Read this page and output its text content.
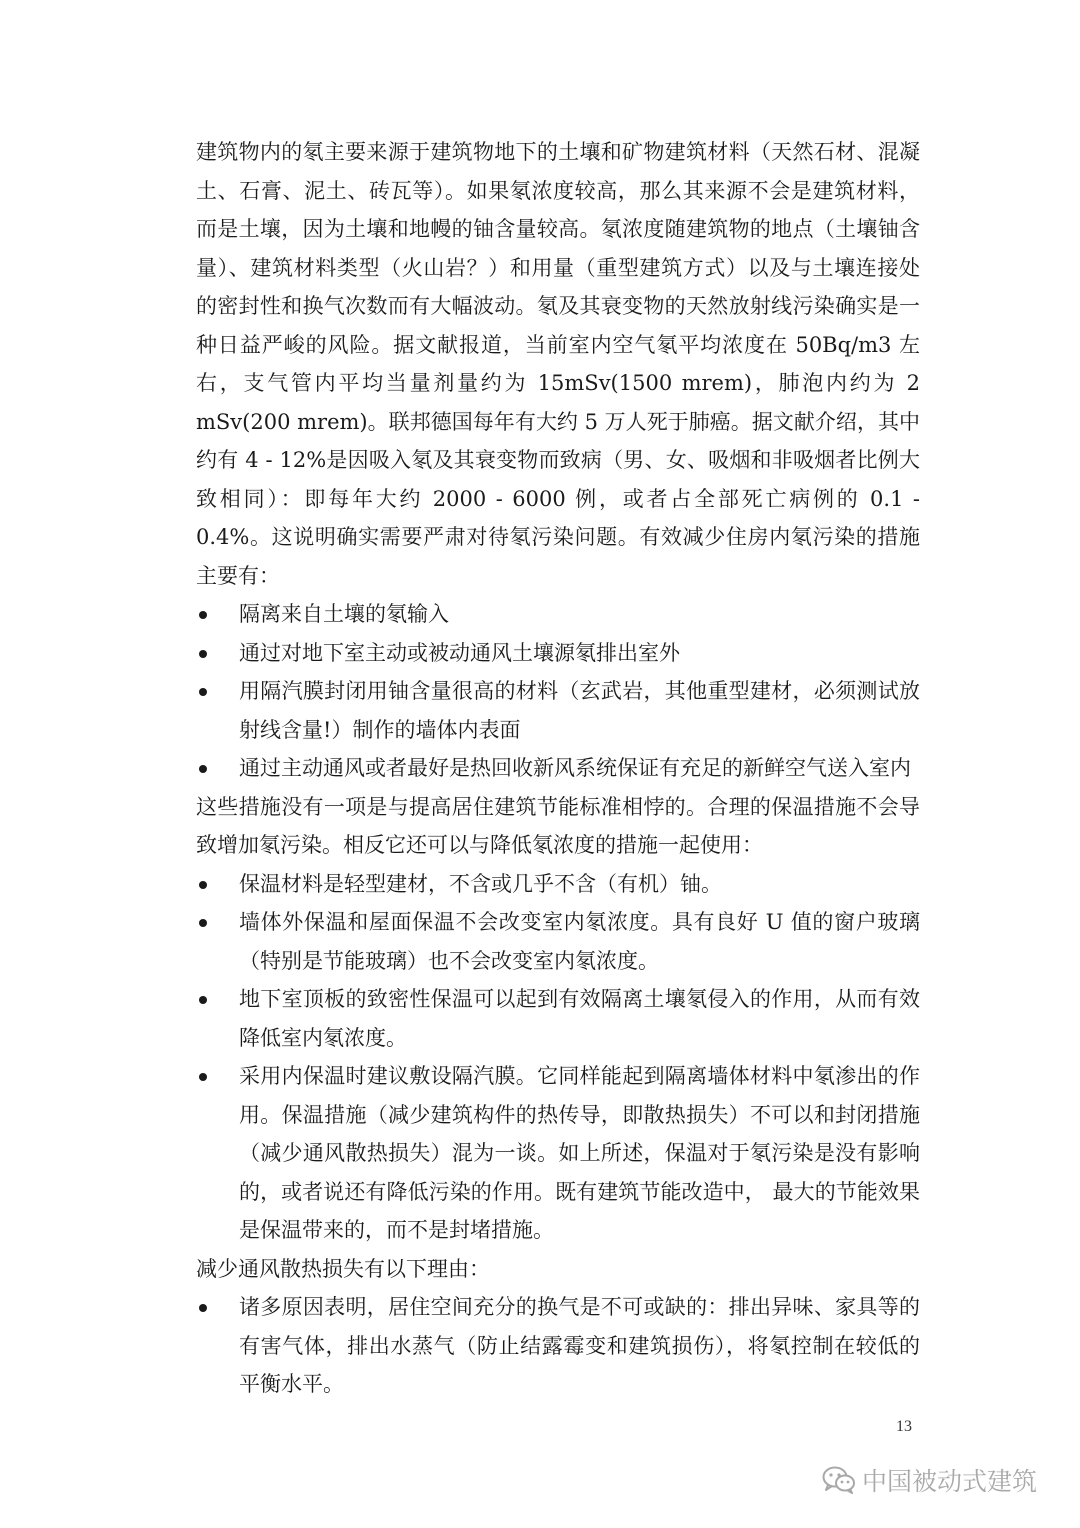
建筑物内的氡主要来源于建筑物地下的土壤和矿物建筑材料（天然石材、混凝土、石膏、泥土、砖瓦等）。如果氡浓度较高，那么其来源不会是建筑材料，而是土壤，因为土壤和地幔的铀含量较高。氡浓度随建筑物的地点（土壤铀含量）、建筑材料类型（火山岩？）和用量（重型建筑方式）以及与土壤连接处的密封性和换气次数而有大幅波动。氡及其衰变物的天然放射线污染确实是一种日益严峻的风险。据文献报道，当前室内空气氡平均浓度在 50Bq/m3 左右，支气管内平均当量剂量约为 15mSv(1500 mrem)，肺泡内约为 2 mSv(200 mrem)。联邦德国每年有大约 5 万人死于肺癌。据文献介绍，其中约有 4 - 12%是因吸入氡及其衰变物而致病（男、女、吸烟和非吸烟者比例大致相同）：即每年大约 2000 - 6000 例，或者占全部死亡病例的 0.1 - 0.4%。这说明确实需要严肃对待氡污染问题。有效减少住房内氡污染的措施主要有：

隔离来自土壤的氡输入
通过对地下室主动或被动通风土壤源氡排出室外
用隔汽膜封闭用铀含量很高的材料（玄武岩，其他重型建材，必须测试放射线含量!）制作的墙体内表面
通过主动通风或者最好是热回收新风系统保证有充足的新鲜空气送入室内

这些措施没有一项是与提高居住建筑节能标准相悖的。合理的保温措施不会导致增加氡污染。相反它还可以与降低氡浓度的措施一起使用：

保温材料是轻型建材，不含或几乎不含（有机）铀。
墙体外保温和屋面保温不会改变室内氡浓度。具有良好 U 值的窗户玻璃（特别是节能玻璃）也不会改变室内氡浓度。
地下室顶板的致密性保温可以起到有效隔离土壤氡侵入的作用，从而有效降低室内氡浓度。
采用内保温时建议敷设隔汽膜。它同样能起到隔离墙体材料中氡渗出的作用。保温措施（减少建筑构件的热传导，即散热损失）不可以和封闭措施（减少通风散热损失）混为一谈。如上所述，保温对于氡污染是没有影响的，或者说还有降低污染的作用。既有建筑节能改造中， 最大的节能效果是保温带来的，而不是封堵措施。

减少通风散热损失有以下理由：

诸多原因表明，居住空间充分的换气是不可或缺的：排出异味、家具等的有害气体，排出水蒸气（防止结露霉变和建筑损伤），将氡控制在较低的平衡水平。
13
中国被动式建筑
